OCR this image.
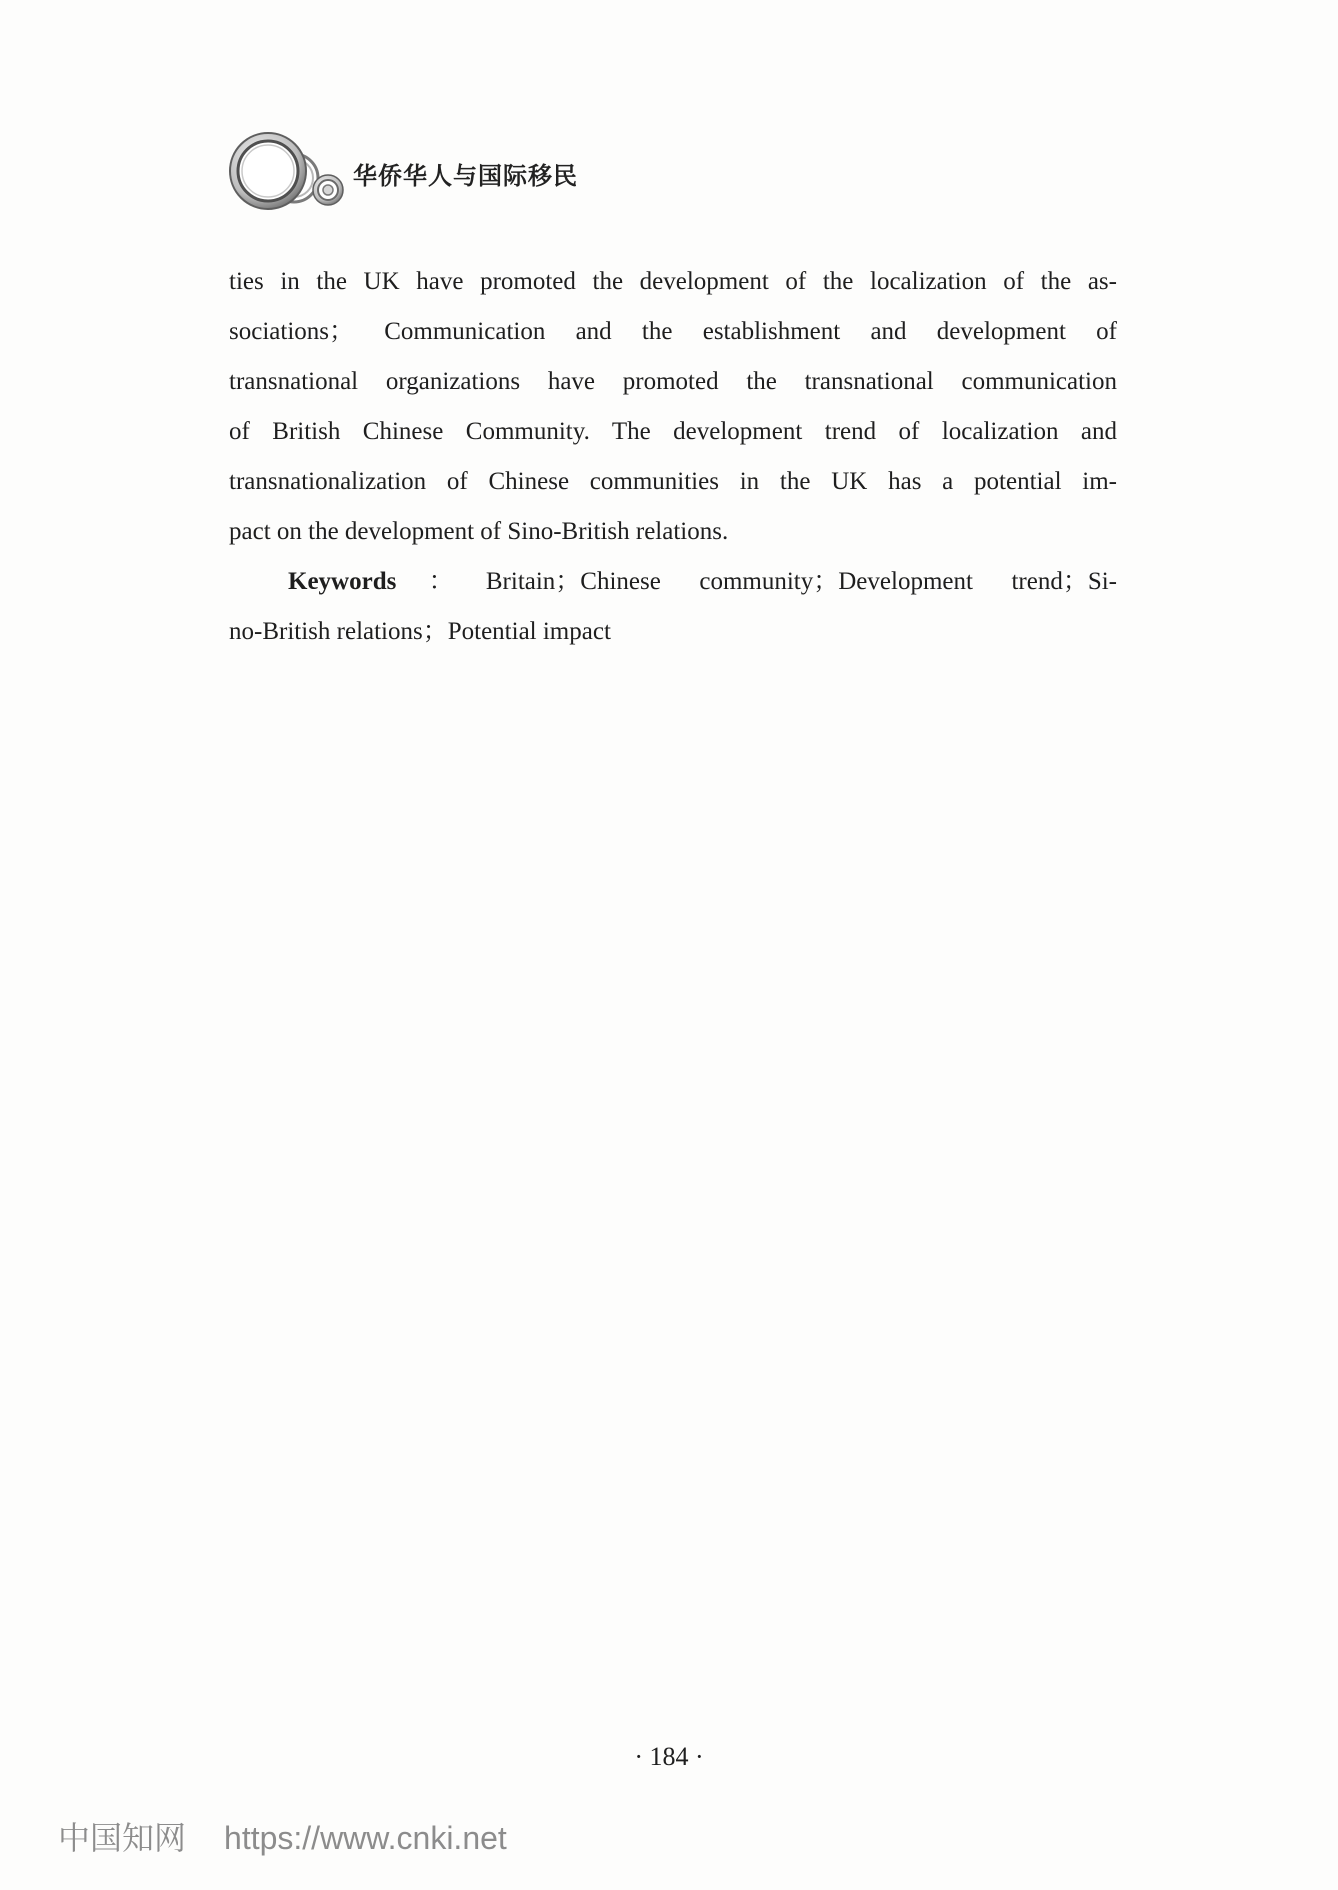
华侨华人与国际移民
ties in the UK have promoted the development of the localization of the as-
sociations； Communication and the establishment and development of
transnational organizations have promoted the transnational communication
of British Chinese Community. The development trend of localization and
transnationalization of Chinese communities in the UK has a potential im-
pact on the development of Sino-British relations.
Keywords：Britain；Chinese community；Development trend；Si-
no-British relations；Potential impact
· 184 ·
中国知网 https://www.cnki.net
